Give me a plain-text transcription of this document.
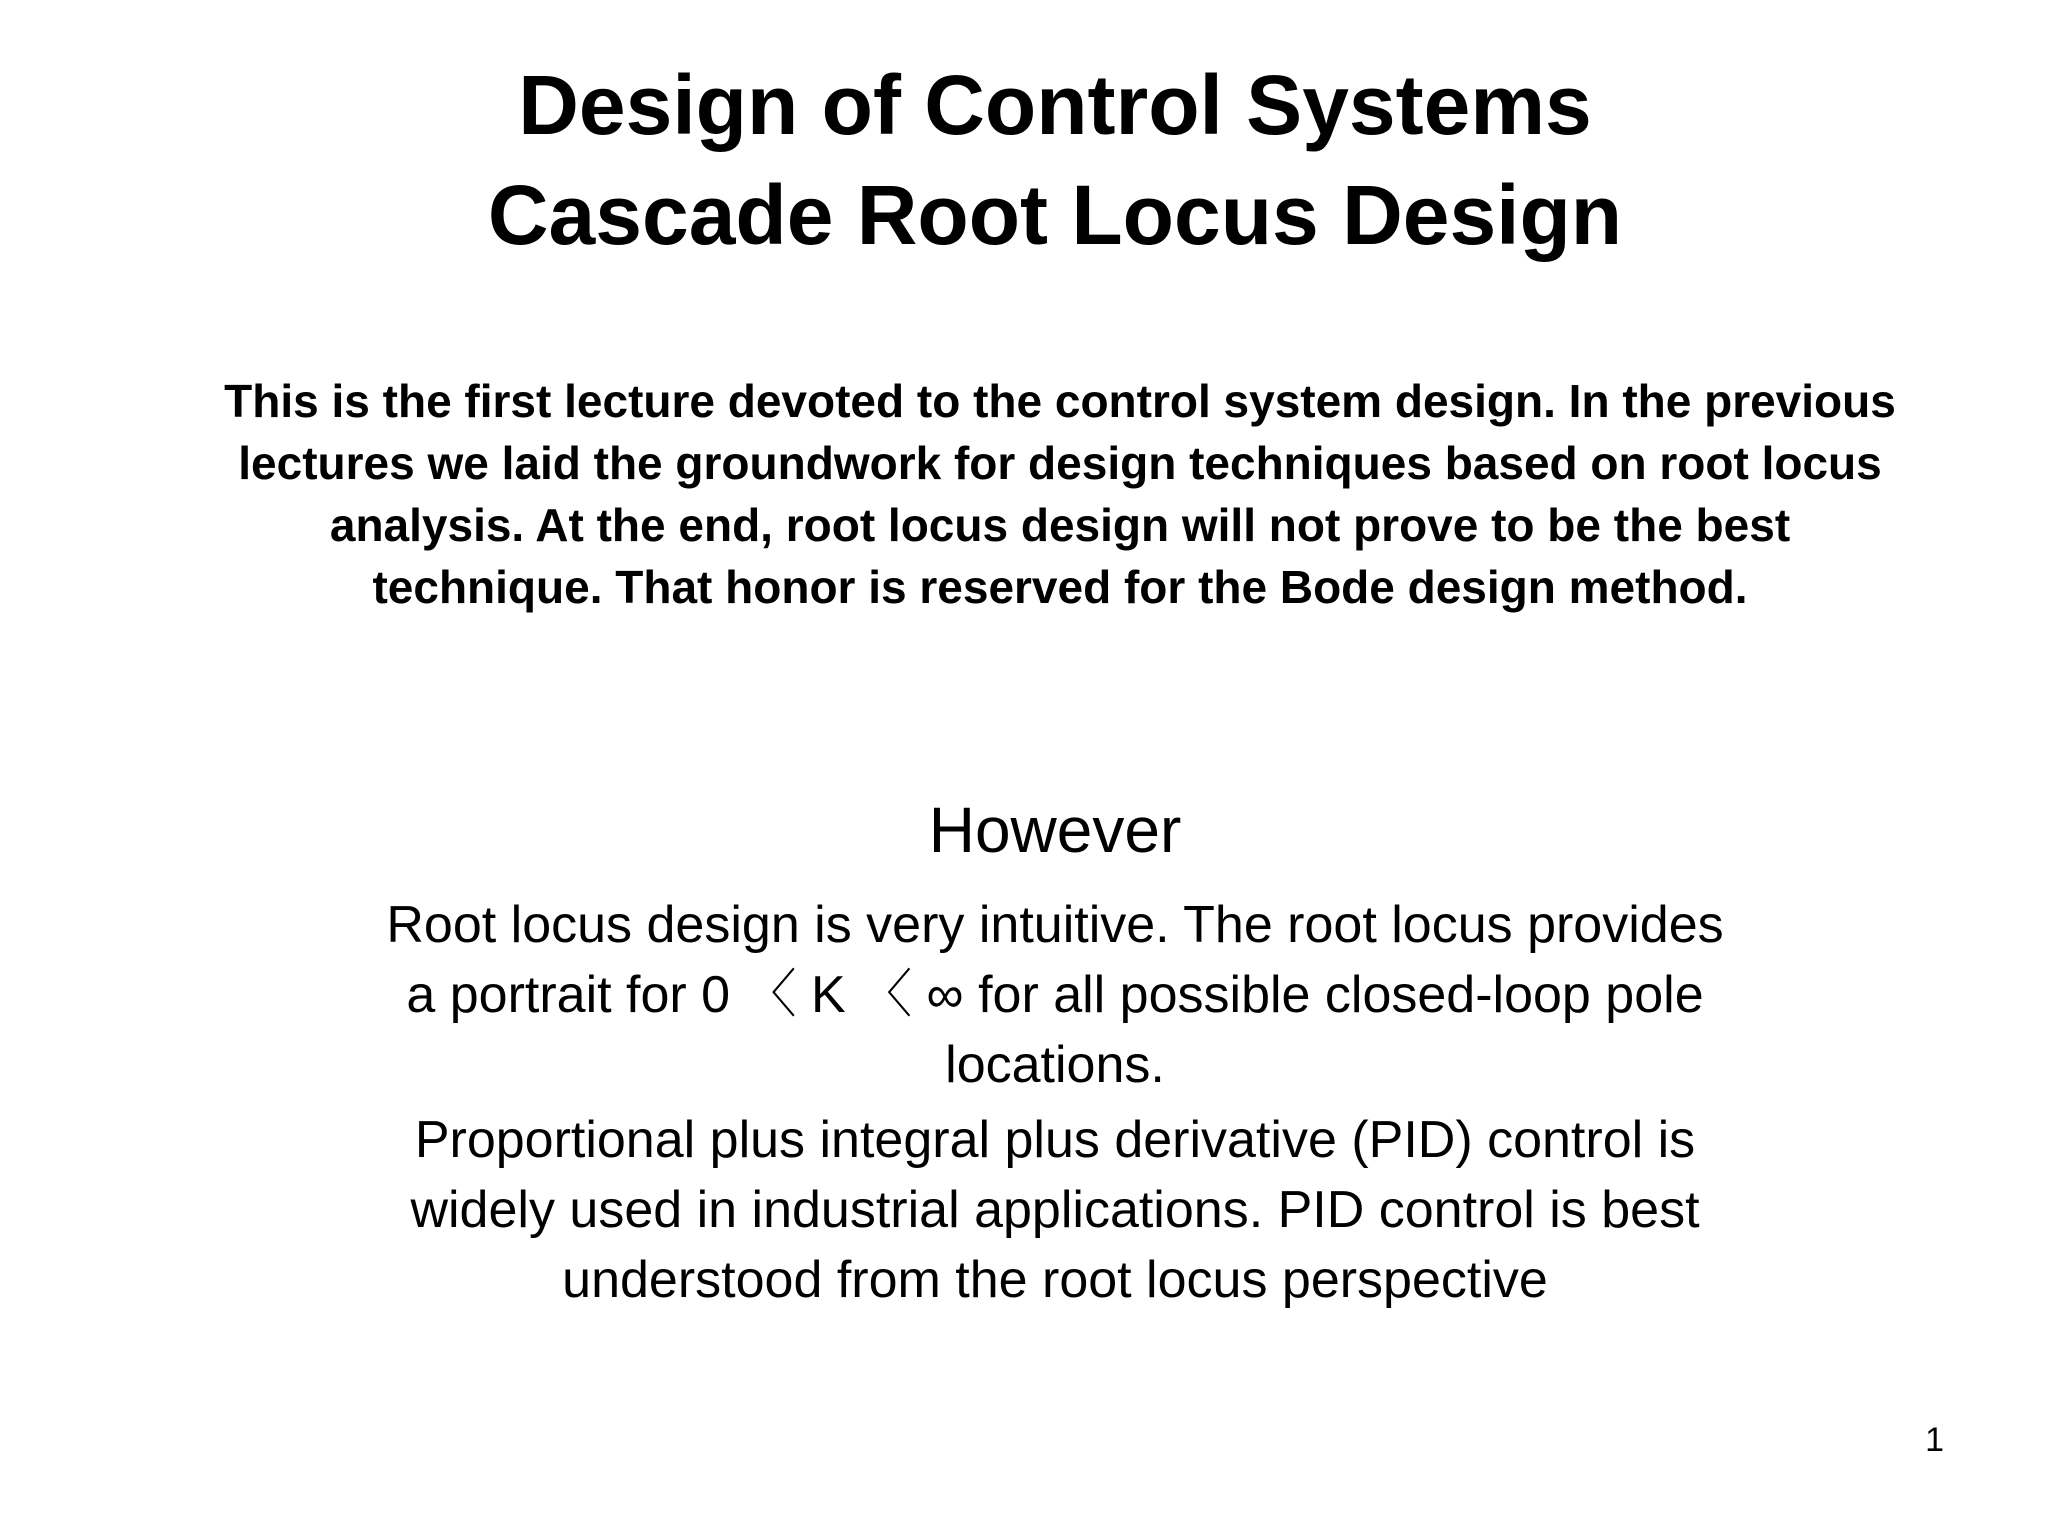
Design of Control Systems
Cascade Root Locus Design
This is the first lecture devoted to the control system design. In the previous lectures we laid the groundwork for design techniques based on root locus analysis. At the end, root locus design will not prove to be the best technique. That honor is reserved for the Bode design method.
However
Root locus design is very intuitive. The root locus provides a portrait for 0 〈 K 〈 ∞ for all possible closed-loop pole locations.
Proportional plus integral plus derivative (PID) control is widely used in industrial applications. PID control is best understood from the root locus perspective
1
